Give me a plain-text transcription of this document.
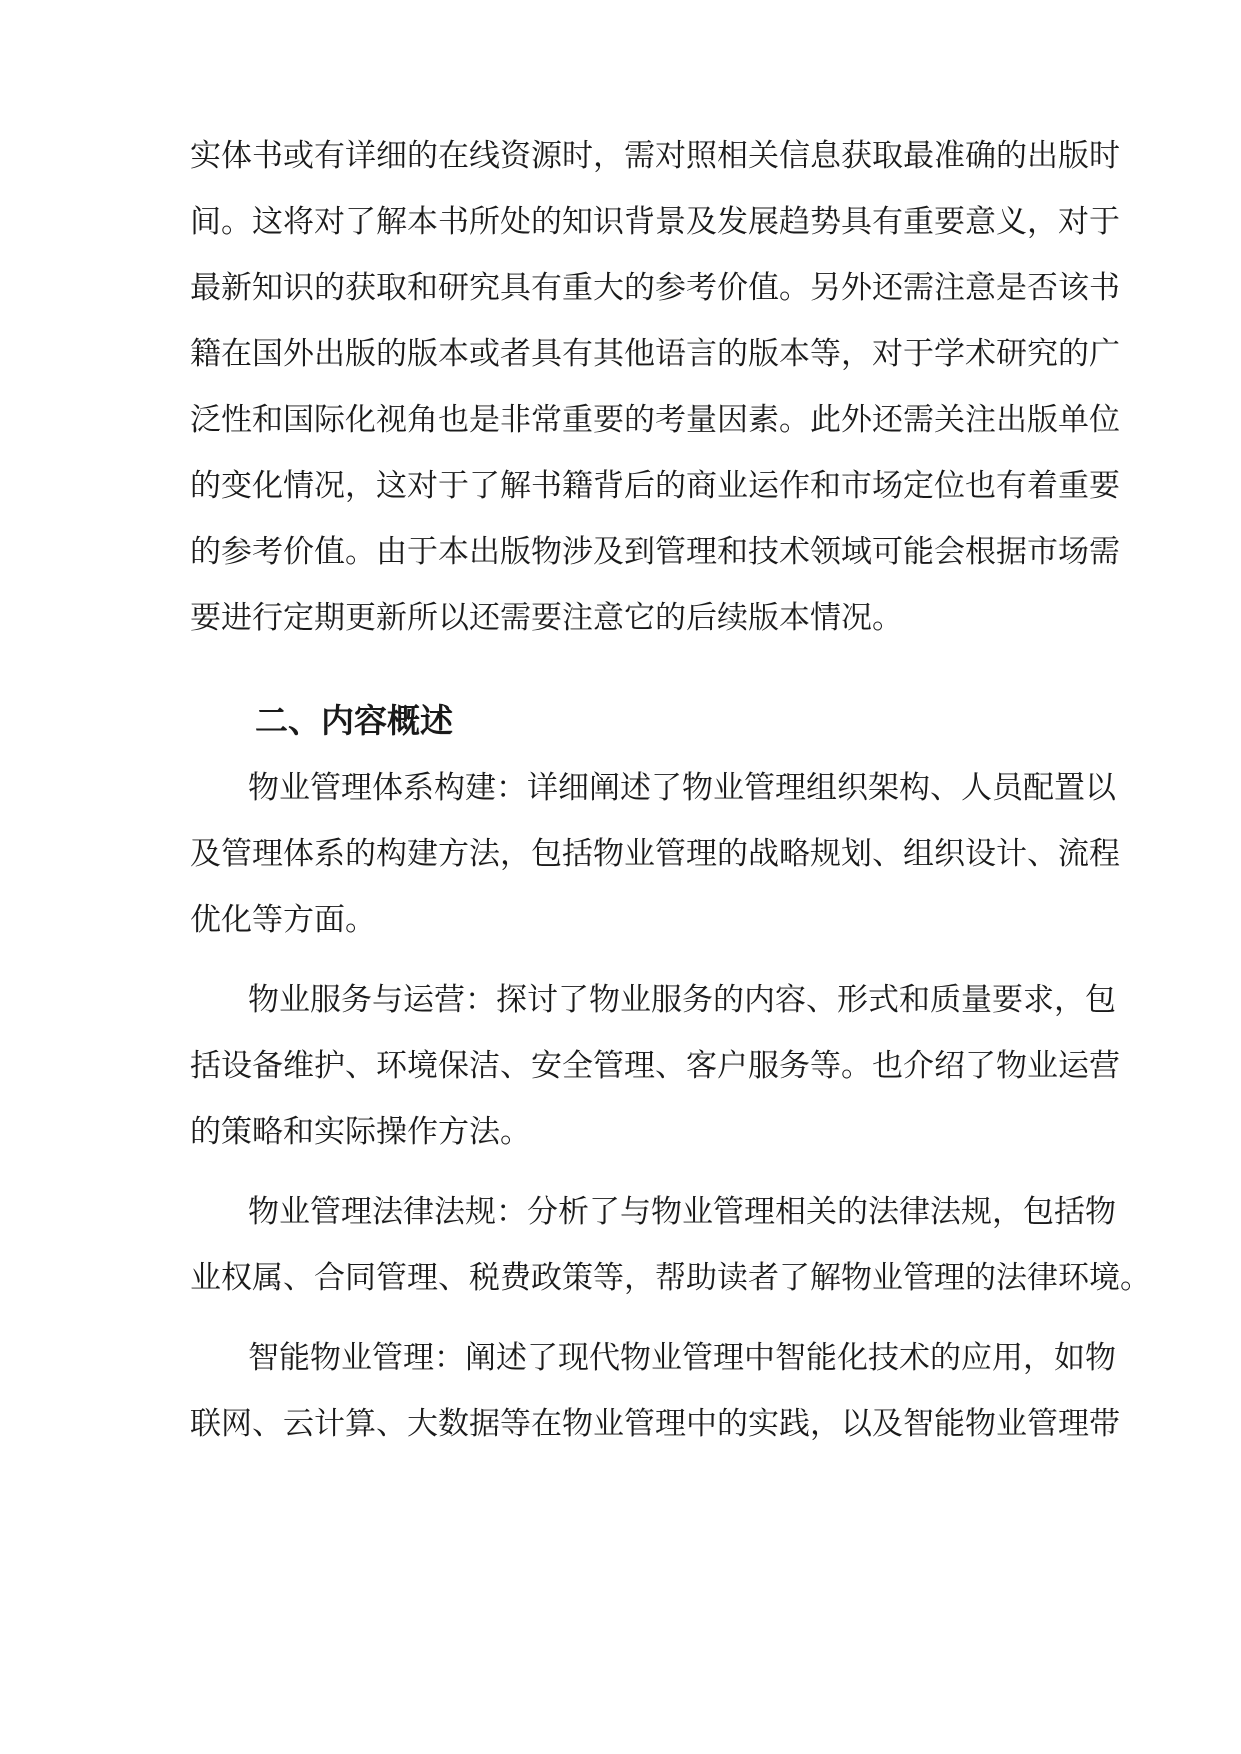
实体书或有详细的在线资源时，需对照相关信息获取最准确的出版时
间。这将对了解本书所处的知识背景及发展趋势具有重要意义，对于
最新知识的获取和研究具有重大的参考价值。另外还需注意是否该书
籍在国外出版的版本或者具有其他语言的版本等，对于学术研究的广
泛性和国际化视角也是非常重要的考量因素。此外还需关注出版单位
的变化情况，这对于了解书籍背后的商业运作和市场定位也有着重要
的参考价值。由于本出版物涉及到管理和技术领域可能会根据市场需
要进行定期更新所以还需要注意它的后续版本情况。
二、内容概述
物业管理体系构建：详细阐述了物业管理组织架构、人员配置以
及管理体系的构建方法，包括物业管理的战略规划、组织设计、流程
优化等方面。
物业服务与运营：探讨了物业服务的内容、形式和质量要求，包
括设备维护、环境保洁、安全管理、客户服务等。也介绍了物业运营
的策略和实际操作方法。
物业管理法律法规：分析了与物业管理相关的法律法规，包括物
业权属、合同管理、税费政策等，帮助读者了解物业管理的法律环境。
智能物业管理：阐述了现代物业管理中智能化技术的应用，如物
联网、云计算、大数据等在物业管理中的实践，以及智能物业管理带
